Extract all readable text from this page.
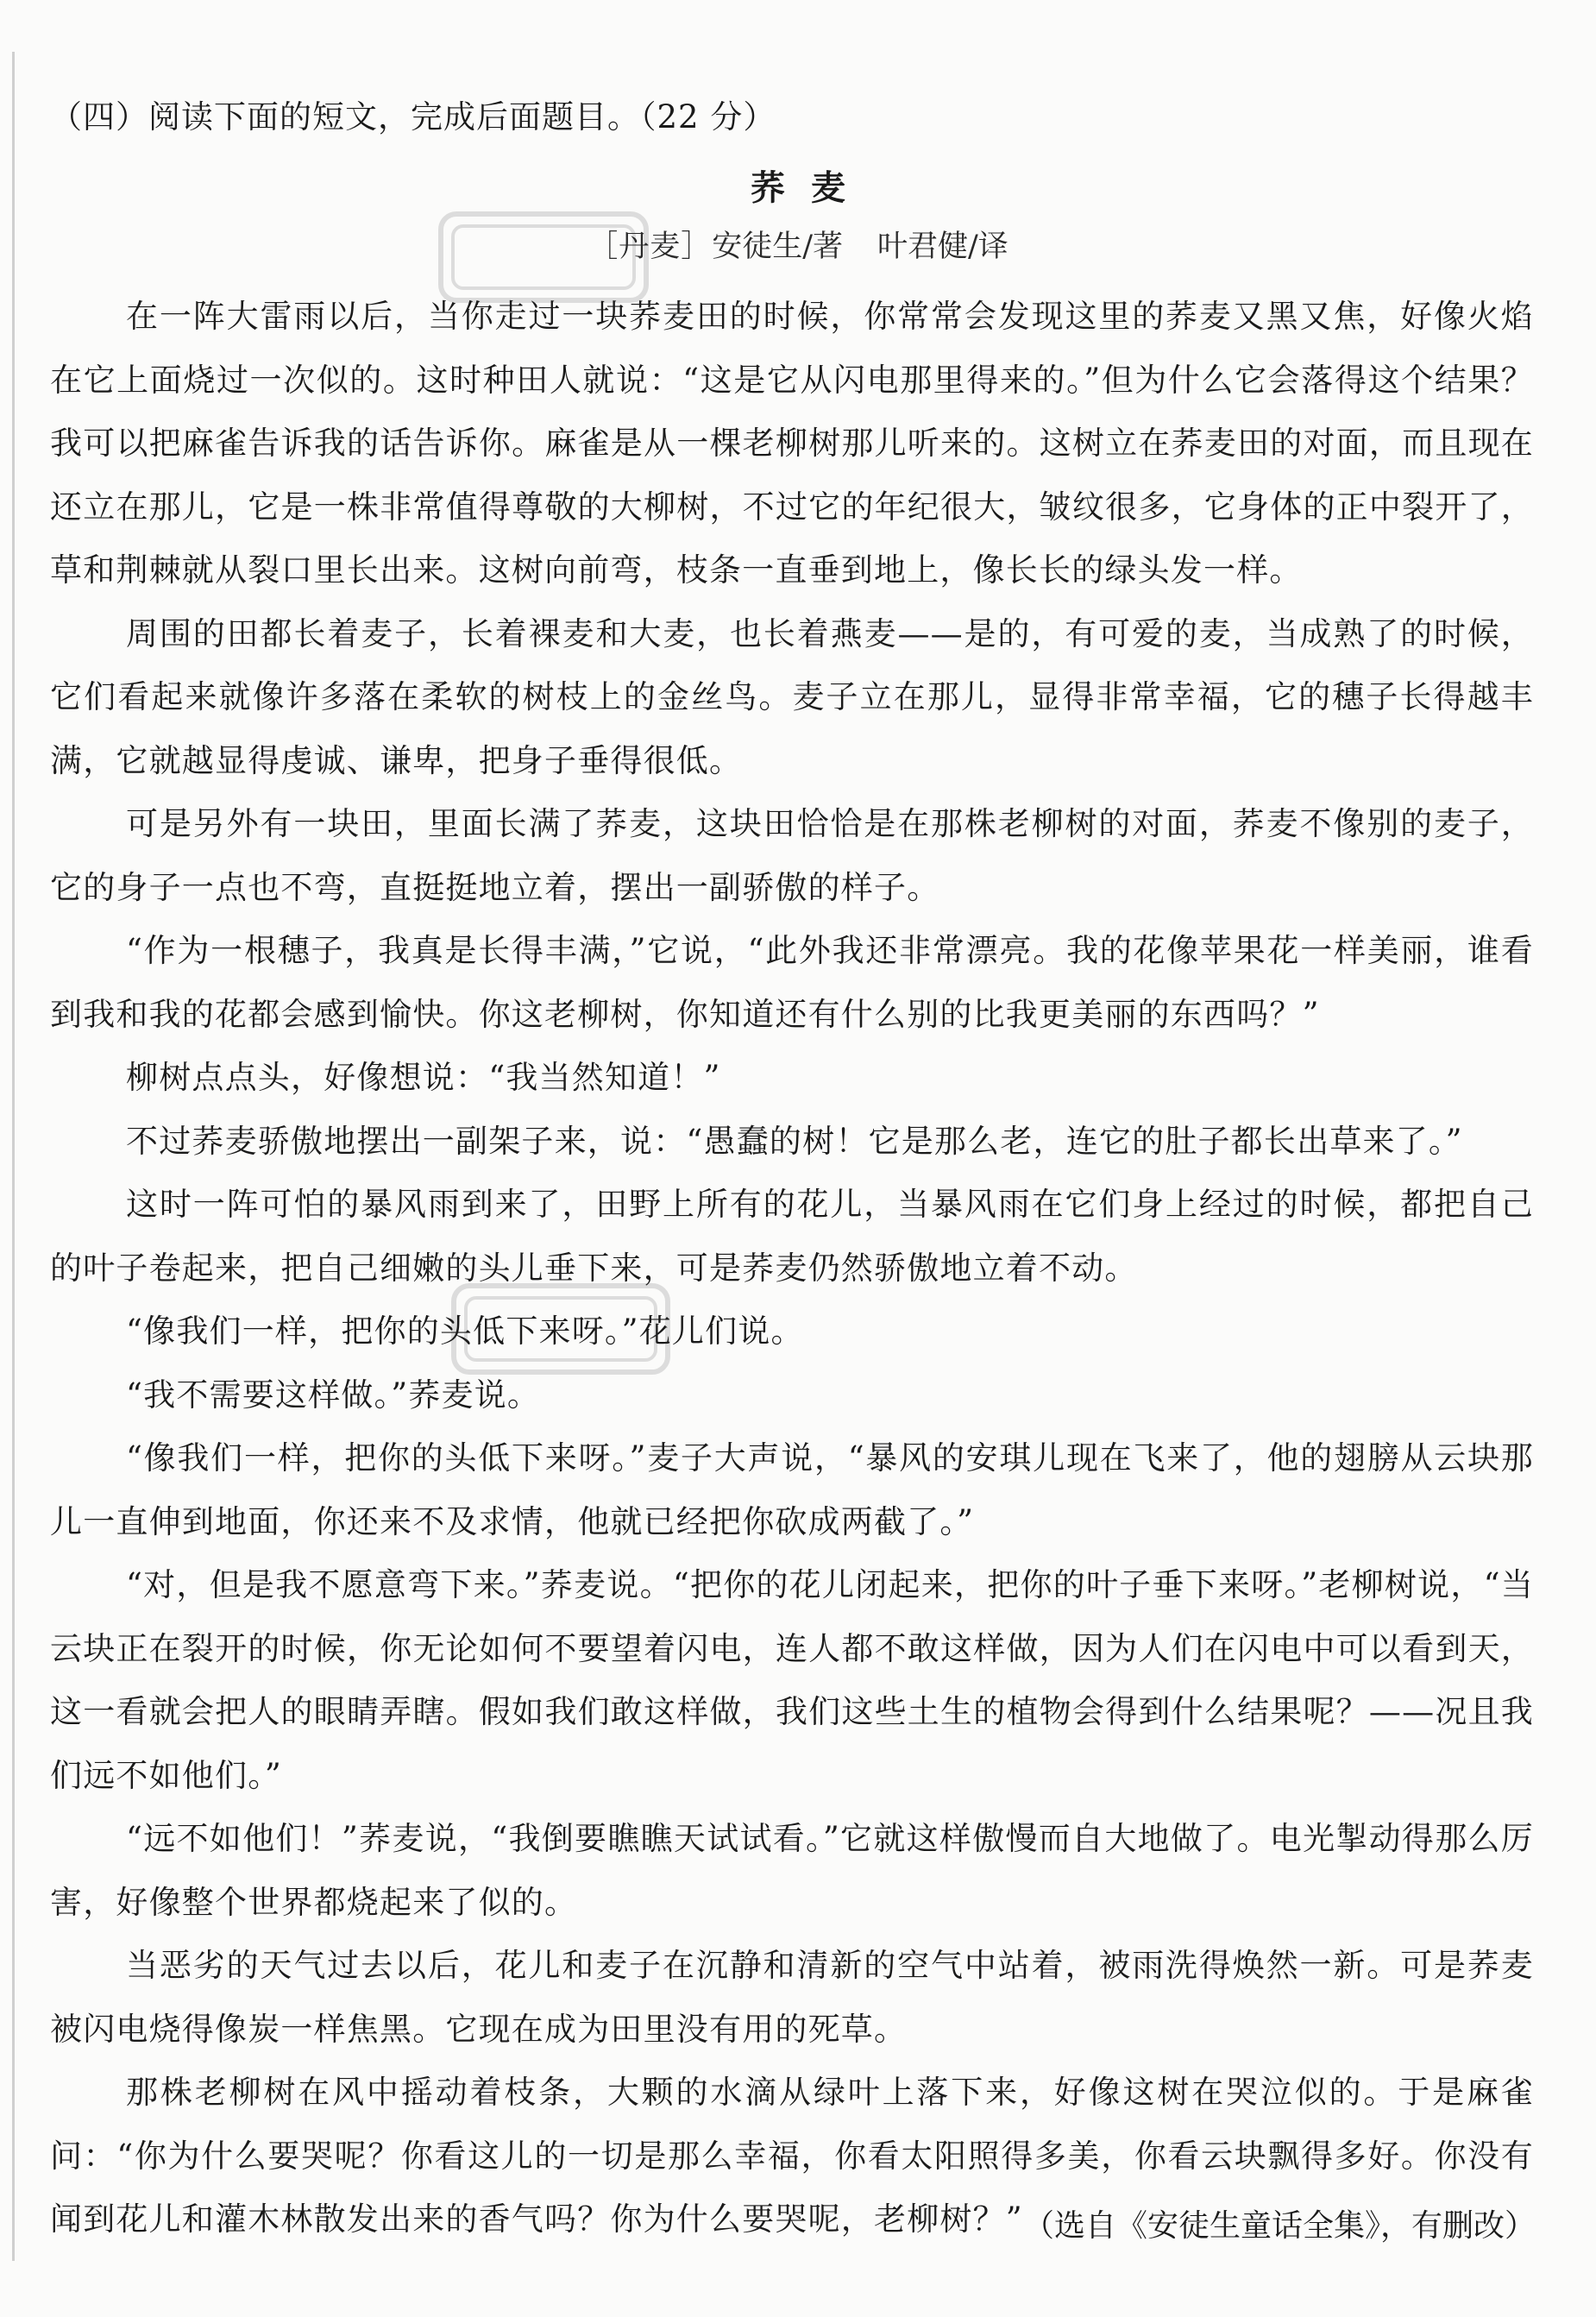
（四）阅读下面的短文，完成后面题目。（22 分）
荞麦
［丹麦］安徒生/著 叶君健/译

在一阵大雷雨以后，当你走过一块荞麦田的时候，你常常会发现这里的荞麦又黑又焦，好像火焰在它上面烧过一次似的。这时种田人就说：“这是它从闪电那里得来的。”但为什么它会落得这个结果？我可以把麻雀告诉我的话告诉你。麻雀是从一棵老柳树那儿听来的。这树立在荞麦田的对面，而且现在还立在那儿，它是一株非常值得尊敬的大柳树，不过它的年纪很大，皱纹很多，它身体的正中裂开了，草和荆棘就从裂口里长出来。这树向前弯，枝条一直垂到地上，像长长的绿头发一样。

周围的田都长着麦子，长着裸麦和大麦，也长着燕麦——是的，有可爱的麦，当成熟了的时候，它们看起来就像许多落在柔软的树枝上的金丝鸟。麦子立在那儿，显得非常幸福，它的穗子长得越丰满，它就越显得虔诚、谦卑，把身子垂得很低。

可是另外有一块田，里面长满了荞麦，这块田恰恰是在那株老柳树的对面，荞麦不像别的麦子，它的身子一点也不弯，直挺挺地立着，摆出一副骄傲的样子。

“作为一根穗子，我真是长得丰满，”它说，“此外我还非常漂亮。我的花像苹果花一样美丽，谁看到我和我的花都会感到愉快。你这老柳树，你知道还有什么别的比我更美丽的东西吗？”

柳树点点头，好像想说：“我当然知道！”

不过荞麦骄傲地摆出一副架子来，说：“愚蠢的树！它是那么老，连它的肚子都长出草来了。”

这时一阵可怕的暴风雨到来了，田野上所有的花儿，当暴风雨在它们身上经过的时候，都把自己的叶子卷起来，把自己细嫩的头儿垂下来，可是荞麦仍然骄傲地立着不动。

“像我们一样，把你的头低下来呀。”花儿们说。

“我不需要这样做。”荞麦说。

“像我们一样，把你的头低下来呀。”麦子大声说，“暴风的安琪儿现在飞来了，他的翅膀从云块那儿一直伸到地面，你还来不及求情，他就已经把你砍成两截了。”

“对，但是我不愿意弯下来。”荞麦说。“把你的花儿闭起来，把你的叶子垂下来呀。”老柳树说，“当云块正在裂开的时候，你无论如何不要望着闪电，连人都不敢这样做，因为人们在闪电中可以看到天，这一看就会把人的眼睛弄瞎。假如我们敢这样做，我们这些土生的植物会得到什么结果呢？——况且我们远不如他们。”

“远不如他们！”荞麦说，“我倒要瞧瞧天试试看。”它就这样傲慢而自大地做了。电光掣动得那么厉害，好像整个世界都烧起来了似的。

当恶劣的天气过去以后，花儿和麦子在沉静和清新的空气中站着，被雨洗得焕然一新。可是荞麦被闪电烧得像炭一样焦黑。它现在成为田里没有用的死草。

那株老柳树在风中摇动着枝条，大颗的水滴从绿叶上落下来，好像这树在哭泣似的。于是麻雀问：“你为什么要哭呢？你看这儿的一切是那么幸福，你看太阳照得多美，你看云块飘得多好。你没有闻到花儿和灌木林散发出来的香气吗？你为什么要哭呢，老柳树？” （选自《安徒生童话全集》，有删改）
